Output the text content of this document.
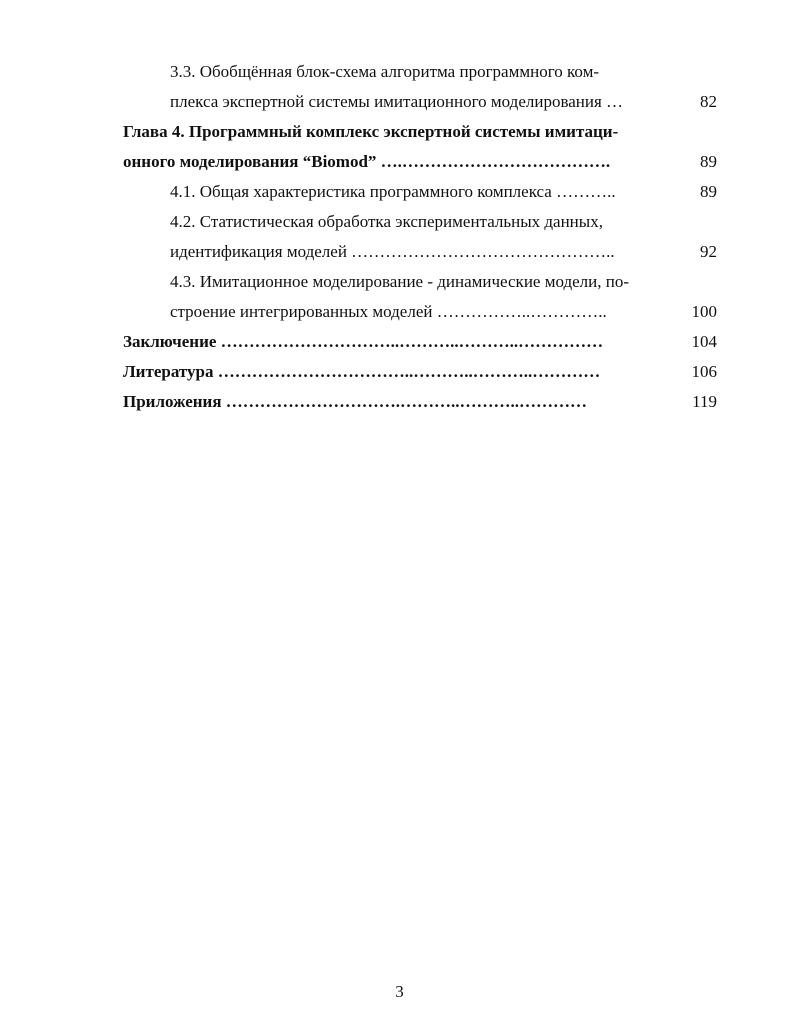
3.3. Обобщённая блок-схема алгоритма программного ком-
плекса экспертной системы имитационного моделирования …	82
Глава 4. Программный комплекс экспертной системы имитаци-
онного моделирования “Biomod” ….……………………………….	89
4.1. Общая характеристика программного комплекса ………..	89
4.2. Статистическая обработка экспериментальных данных,
идентификация моделей ………………………………………..	92
4.3. Имитационное моделирование - динамические модели, по-
строение интегрированных моделей ……………..…………..	100
Заключение …………………………..………..………..……………	104
Литература ……………………………..………..………..…………	106
Приложения ………………………….………..………..…………	119
3
